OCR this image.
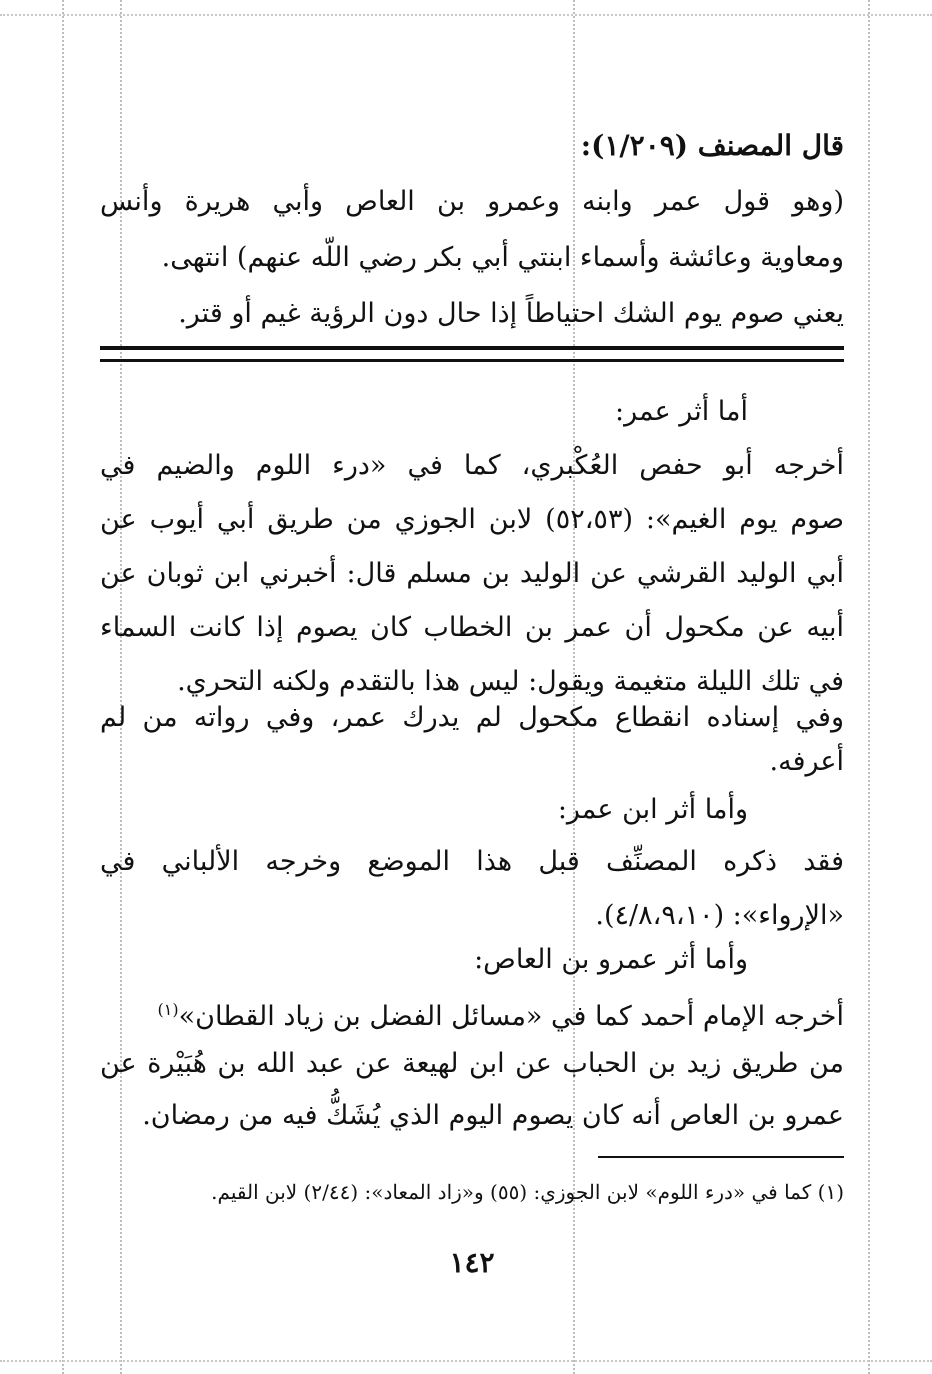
قال المصنف (١/٢٠٩):
(وهو قول عمر وابنه وعمرو بن العاص وأبي هريرة وأنس
ومعاوية وعائشة وأسماء ابنتي أبي بكر رضي اللّه عنهم) انتهى.
يعني صوم يوم الشك احتياطاً إذا حال دون الرؤية غيم أو قتر.
أما أثر عمر:
أخرجه أبو حفص العُكْبري، كما في «درء اللوم والضيم في
صوم يوم الغيم»: (٥٢،٥٣) لابن الجوزي من طريق أبي أيوب عن
أبي الوليد القرشي عن الوليد بن مسلم قال: أخبرني ابن ثوبان عن
أبيه عن مكحول أن عمر بن الخطاب كان يصوم إذا كانت السماء
في تلك الليلة متغيمة ويقول: ليس هذا بالتقدم ولكنه التحري.
وفي إسناده انقطاع مكحول لم يدرك عمر، وفي رواته من لم
أعرفه.
وأما أثر ابن عمر:
فقد ذكره المصنِّف قبل هذا الموضع وخرجه الألباني في
«الإرواء»: (٤/٨،٩،١٠).
وأما أثر عمرو بن العاص:
أخرجه الإمام أحمد كما في «مسائل الفضل بن زياد القطان»$^{(١)}$
من طريق زيد بن الحباب عن ابن لهيعة عن عبد الله بن هُبَيْرة عن
عمرو بن العاص أنه كان يصوم اليوم الذي يُشَكُّ فيه من رمضان.
(١) كما في «درء اللوم» لابن الجوزي: (٥٥) و«زاد المعاد»: (٢/٤٤) لابن القيم.
١٤٢
